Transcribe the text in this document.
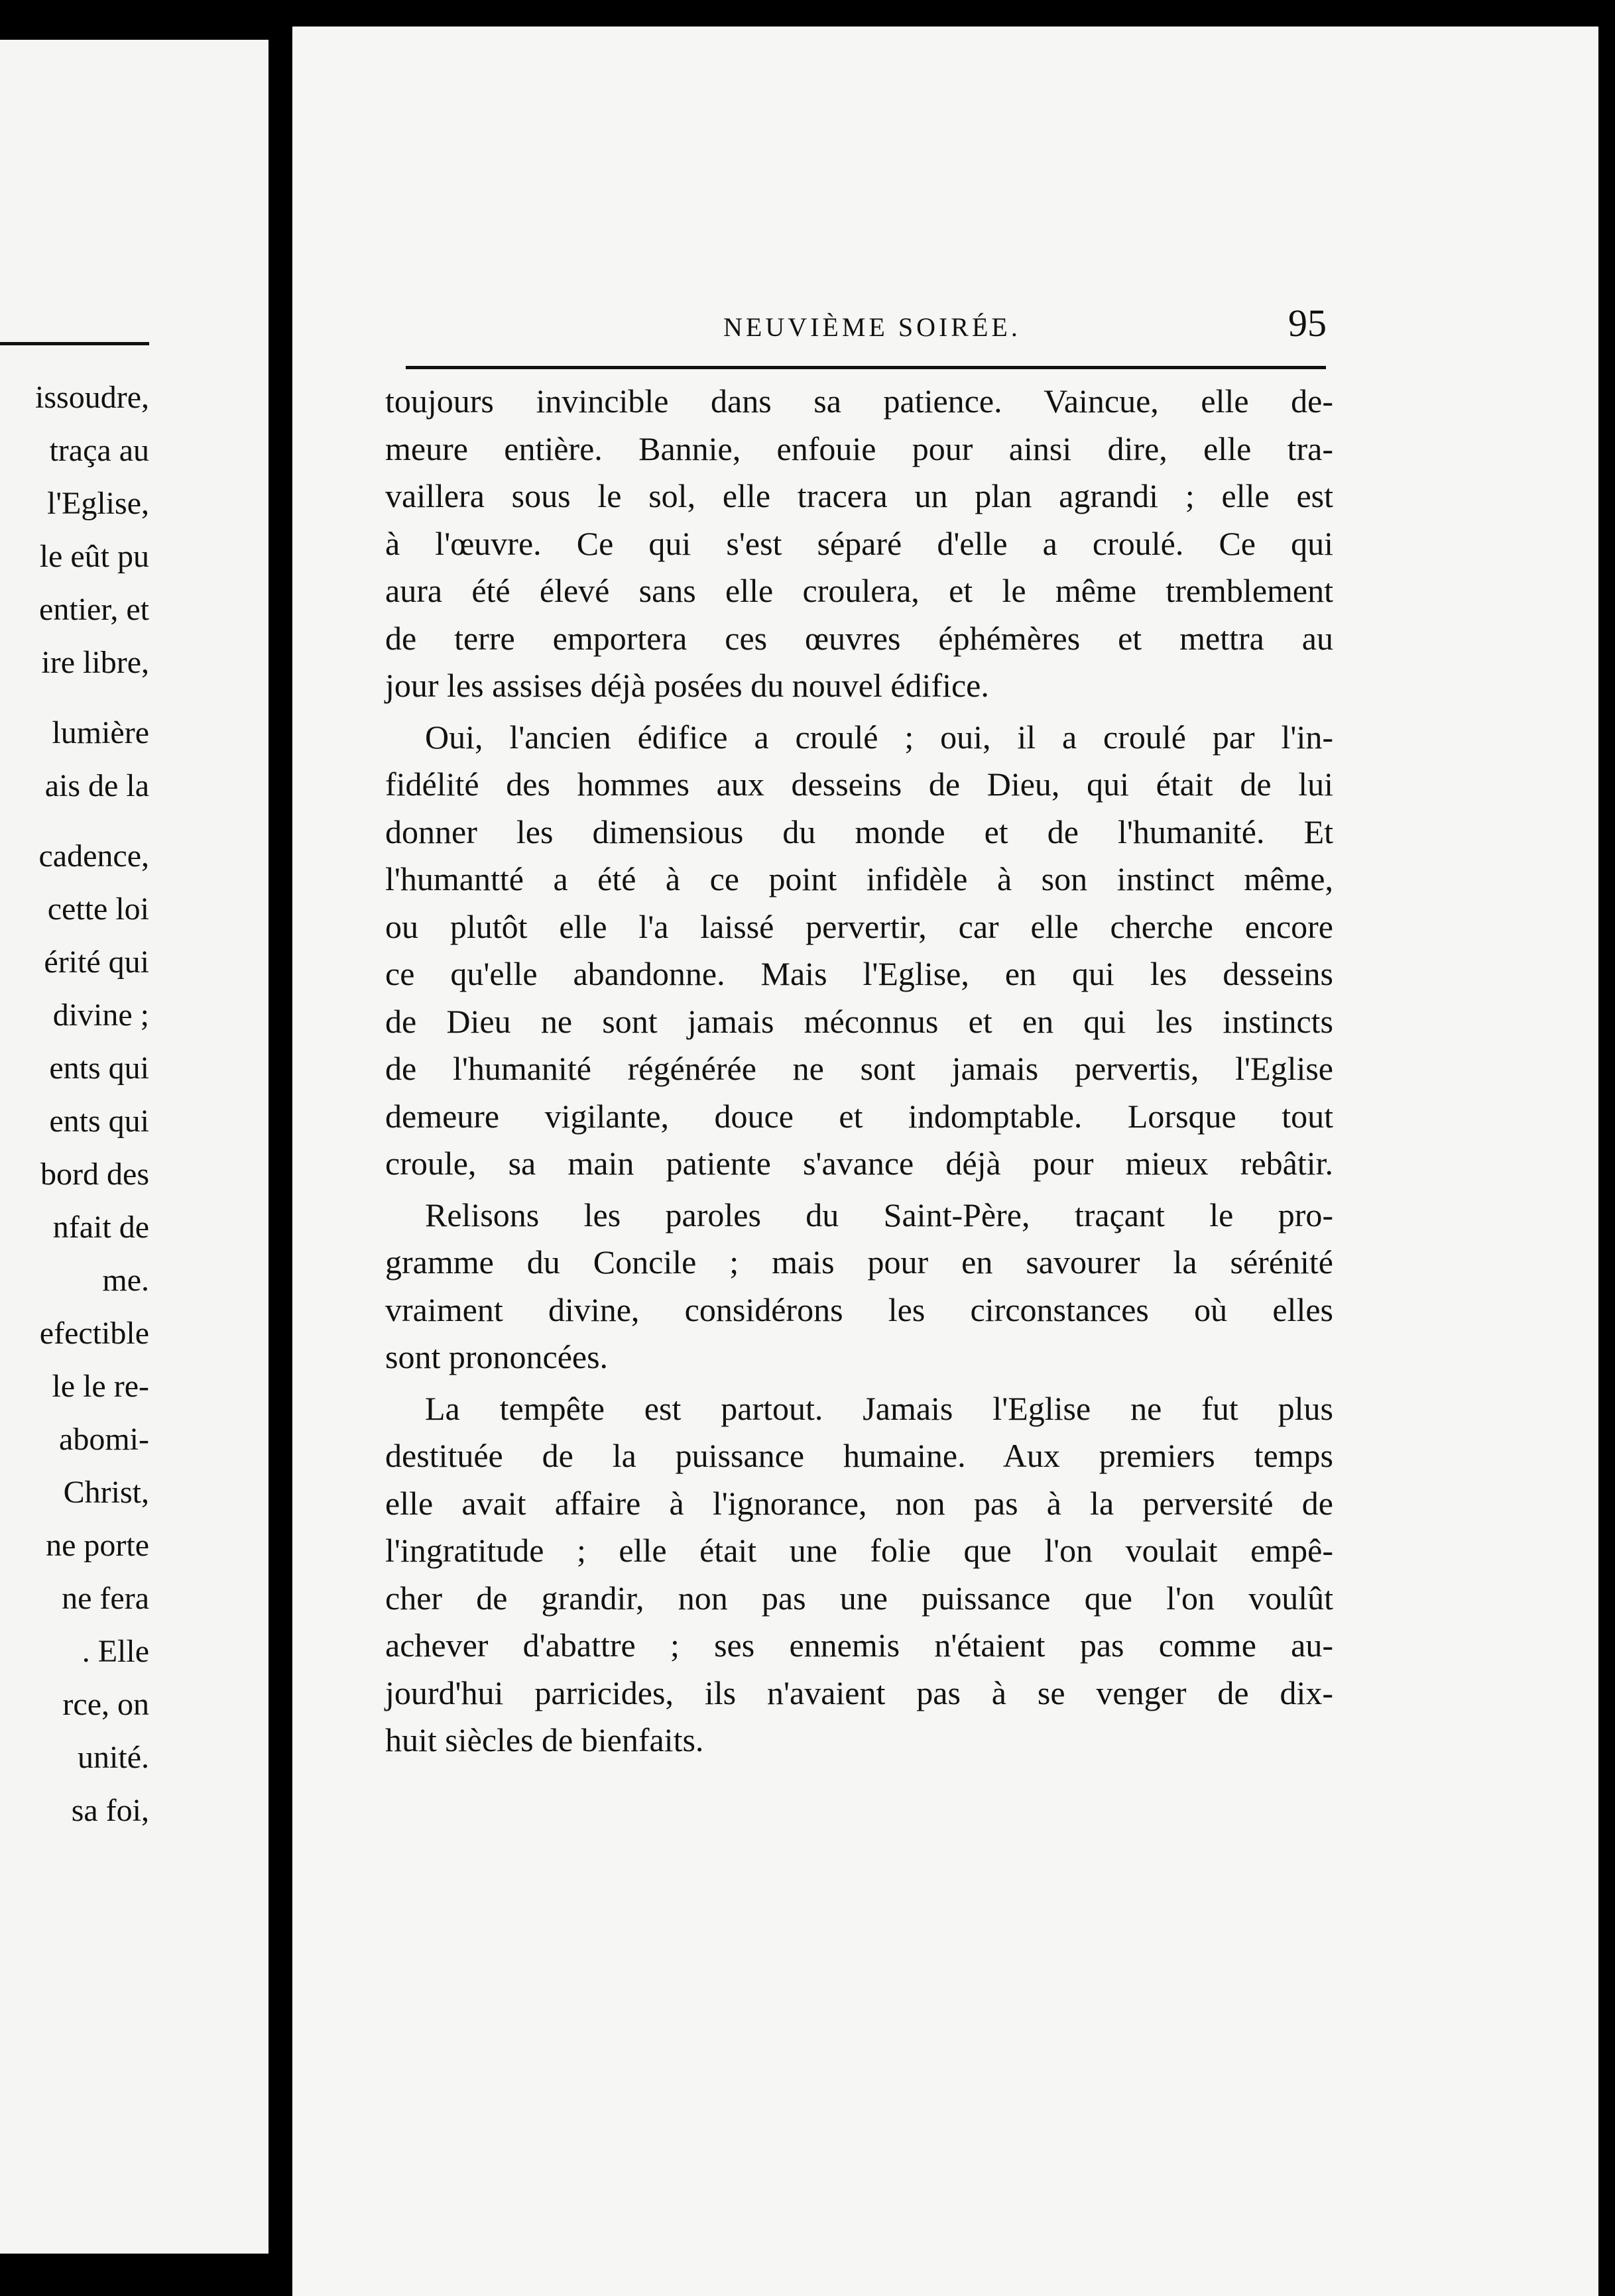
issoudre,
traça au
l'Eglise,
le eût pu
entier, et
ire libre,
lumière
ais de la
cadence,
cette loi
érité qui
divine ;
ents qui
ents qui
bord des
nfait de
me.
efectible
le le re-
abomi-
Christ,
ne porte
ne fera
. Elle
rce, on
unité.
sa foi,
NEUVIÈME SOIRÉE.	95
toujours invincible dans sa patience. Vaincue, elle de-
meure entière. Bannie, enfouie pour ainsi dire, elle tra-
vaillera sous le sol, elle tracera un plan agrandi ; elle est
à l'œuvre. Ce qui s'est séparé d'elle a croulé. Ce qui
aura été élevé sans elle croulera, et le même tremblement
de terre emportera ces œuvres éphémères et mettra au
jour les assises déjà posées du nouvel édifice.
Oui, l'ancien édifice a croulé ; oui, il a croulé par l'in-
fidélité des hommes aux desseins de Dieu, qui était de lui
donner les dimensious du monde et de l'humanité. Et
l'humantté a été à ce point infidèle à son instinct même,
ou plutôt elle l'a laissé pervertir, car elle cherche encore
ce qu'elle abandonne. Mais l'Eglise, en qui les desseins
de Dieu ne sont jamais méconnus et en qui les instincts
de l'humanité régénérée ne sont jamais pervertis, l'Eglise
demeure vigilante, douce et indomptable. Lorsque tout
croule, sa main patiente s'avance déjà pour mieux rebâtir.
Relisons les paroles du Saint-Père, traçant le pro-
gramme du Concile ; mais pour en savourer la sérénité
vraiment divine, considérons les circonstances où elles
sont prononcées.
La tempête est partout. Jamais l'Eglise ne fut plus
destituée de la puissance humaine. Aux premiers temps
elle avait affaire à l'ignorance, non pas à la perversité de
l'ingratitude ; elle était une folie que l'on voulait empê-
cher de grandir, non pas une puissance que l'on voulût
achever d'abattre ; ses ennemis n'étaient pas comme au-
jourd'hui parricides, ils n'avaient pas à se venger de dix-
huit siècles de bienfaits.
